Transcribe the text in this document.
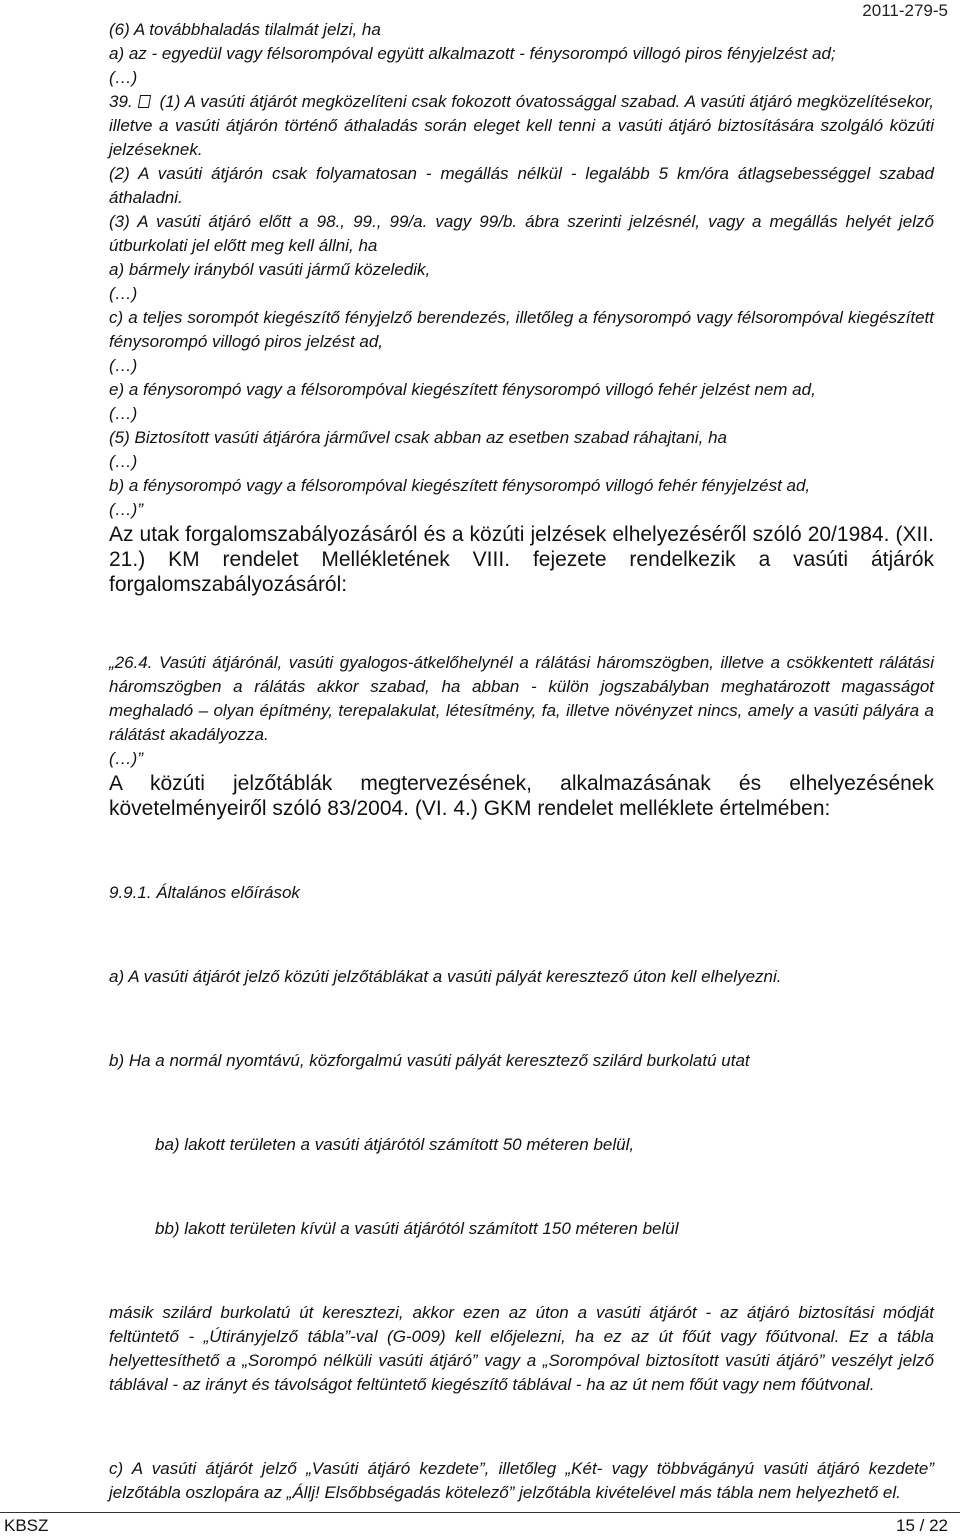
2011-279-5

(6) A továbbhaladás tilalmát jelzi, ha

a) az - egyedül vagy félsorompóval együtt alkalmazott - fénysorompó villogó piros fényjelzést ad;

(…)

39. (1) A vasúti átjárót megközelíteni csak fokozott óvatossággal szabad. A vasúti átjáró megközelítésekor, illetve a vasúti átjárón történő áthaladás során eleget kell tenni a vasúti átjáró biztosítására szolgáló közúti jelzéseknek.

(2) A vasúti átjárón csak folyamatosan - megállás nélkül - legalább 5 km/óra átlagsebességgel szabad áthaladni.

(3) A vasúti átjáró előtt a 98., 99., 99/a. vagy 99/b. ábra szerinti jelzésnél, vagy a megállás helyét jelző útburkolati jel előtt meg kell állni, ha

a) bármely irányból vasúti jármű közeledik,

(…)

c) a teljes sorompót kiegészítő fényjelző berendezés, illetőleg a fénysorompó vagy félsorompóval kiegészített fénysorompó villogó piros jelzést ad,

(…)

e) a fénysorompó vagy a félsorompóval kiegészített fénysorompó villogó fehér jelzést nem ad,

(…)

(5) Biztosított vasúti átjáróra járművel csak abban az esetben szabad ráhajtani, ha

(…)

b) a fénysorompó vagy a félsorompóval kiegészített fénysorompó villogó fehér fényjelzést ad,

(…)”

Az utak forgalomszabályozásáról és a közúti jelzések elhelyezéséről szóló 20/1984. (XII. 21.) KM rendelet Mellékletének VIII. fejezete rendelkezik a vasúti átjárók forgalomszabályozásáról:

„26.4. Vasúti átjárónál, vasúti gyalogos-átkelőhelynél a rálátási háromszögben, illetve a csökkentett rálátási háromszögben a rálátás akkor szabad, ha abban - külön jogszabályban meghatározott magasságot meghaladó – olyan építmény, terepalakulat, létesítmény, fa, illetve növényzet nincs, amely a vasúti pályára a rálátást akadályozza.

(…)”

A közúti jelzőtáblák megtervezésének, alkalmazásának és elhelyezésének követelményeiről szóló 83/2004. (VI. 4.) GKM rendelet melléklete értelmében:

9.9.1. Általános előírások

a) A vasúti átjárót jelző közúti jelzőtáblákat a vasúti pályát keresztező úton kell elhelyezni.

b) Ha a normál nyomtávú, közforgalmú vasúti pályát keresztező szilárd burkolatú utat

ba) lakott területen a vasúti átjárótól számított 50 méteren belül,

bb) lakott területen kívül a vasúti átjárótól számított 150 méteren belül

másik szilárd burkolatú út keresztezi, akkor ezen az úton a vasúti átjárót - az átjáró biztosítási módját feltüntető - „Útirányjelző tábla”-val (G-009) kell előjelezni, ha ez az út főút vagy főútvonal. Ez a tábla helyettesíthető a „Sorompó nélküli vasúti átjáró” vagy a „Sorompóval biztosított vasúti átjáró” veszélyt jelző táblával - az irányt és távolságot feltüntető kiegészítő táblával - ha az út nem főút vagy nem főútvonal.

c) A vasúti átjárót jelző „Vasúti átjáró kezdete”, illetőleg „Két- vagy többvágányú vasúti átjáró kezdete” jelzőtábla oszlopára az „Állj! Elsőbbségadás kötelező” jelzőtábla kivételével más tábla nem helyezhető el.

KBSZ	15 / 22
